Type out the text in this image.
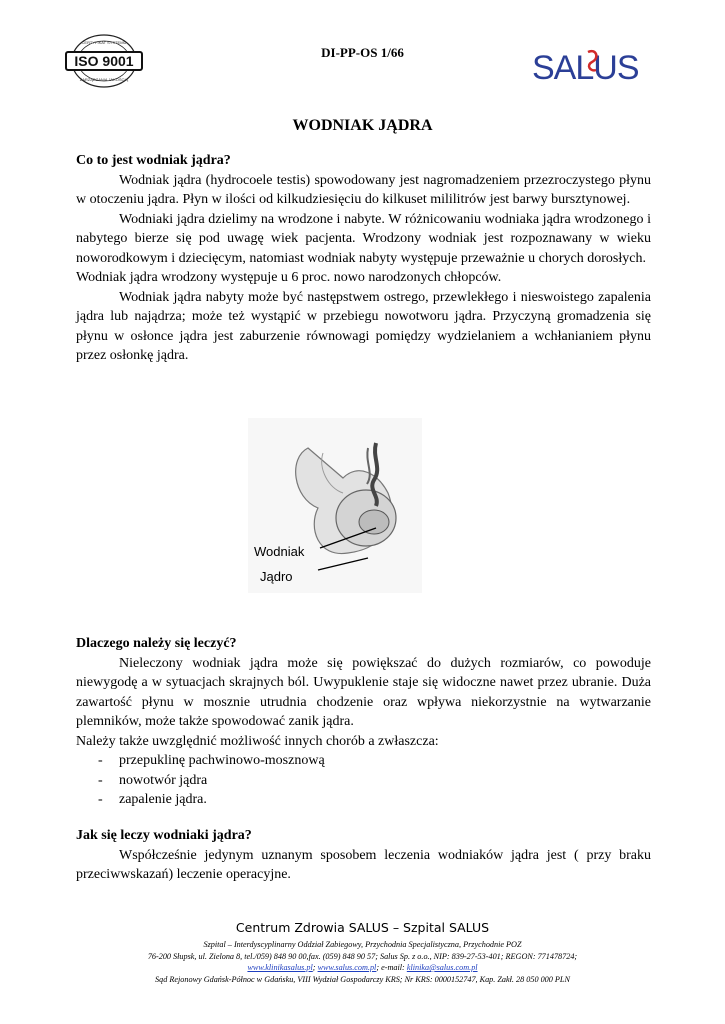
ISO 9001
CERTYFIKAT SYSTEMU
ZARZĄDZANIA JAKOŚCIĄ
DI-PP-OS 1/66	SALUS
WODNIAK JĄDRA

Co to jest wodniak jądra?

Wodniak jądra (hydrocoele testis) spowodowany jest nagromadzeniem przezroczystego płynu w otoczeniu jądra. Płyn w ilości od kilkudziesięciu do kilkuset mililitrów jest barwy bursztynowej.

Wodniaki jądra dzielimy na wrodzone i nabyte. W różnicowaniu wodniaka jądra wrodzonego i nabytego bierze się pod uwagę wiek pacjenta. Wrodzony wodniak jest rozpoznawany w wieku noworodkowym i dziecięcym, natomiast wodniak nabyty występuje przeważnie u chorych dorosłych.

Wodniak jądra wrodzony występuje u 6 proc. nowo narodzonych chłopców.

Wodniak jądra nabyty może być następstwem ostrego, przewlekłego i nieswoistego zapalenia jądra lub najądrza; może też wystąpić w przebiegu nowotworu jądra. Przyczyną gromadzenia się płynu w osłonce jądra jest zaburzenie równowagi pomiędzy wydzielaniem a wchłanianiem płynu przez osłonkę jądra.

Wodniak
Jądro

Dlaczego należy się leczyć?

Nieleczony wodniak jądra może się powiększać do dużych rozmiarów, co powoduje niewygodę a w sytuacjach skrajnych ból. Uwypuklenie staje się widoczne nawet przez ubranie. Duża zawartość płynu w mosznie utrudnia chodzenie oraz wpływa niekorzystnie na wytwarzanie plemników, może także spowodować zanik jądra.

Należy także uwzględnić możliwość innych chorób a zwłaszcza:

- przepuklinę pachwinowo-mosznową
- nowotwór jądra
- zapalenie jądra.

Jak się leczy wodniaki jądra?

Współcześnie jedynym uznanym sposobem leczenia wodniaków jądra jest ( przy braku przeciwwskazań) leczenie operacyjne.

Centrum Zdrowia SALUS – Szpital SALUS
Szpital – Interdyscyplinarny Oddział Zabiegowy, Przychodnia Specjalistyczna, Przychodnie POZ
76-200 Słupsk, ul. Zielona 8, tel./059) 848 90 00,fax. (059) 848 90 57; Salus Sp. z o.o., NIP: 839-27-53-401; REGON: 771478724;
www.klinikasalus.pl; www.salus.com.pl; e-mail: klinika@salus.com.pl
Sąd Rejonowy Gdańsk-Północ w Gdańsku, VIII Wydział Gospodarczy KRS; Nr KRS: 0000152747, Kap. Zakł. 28 050 000 PLN
